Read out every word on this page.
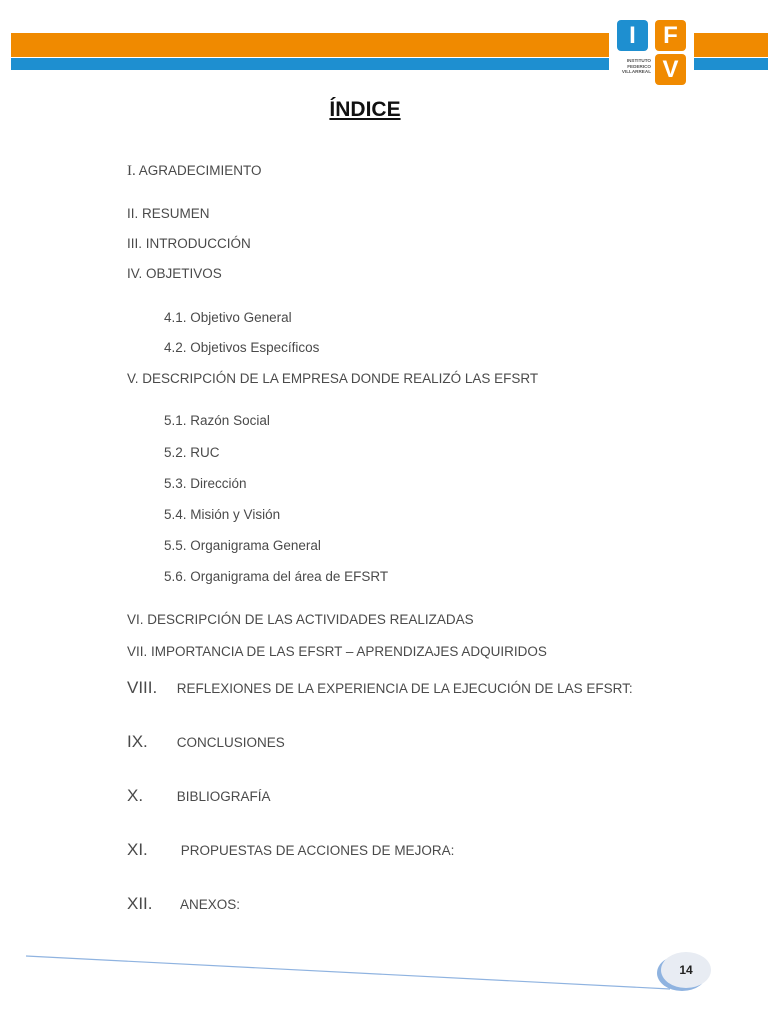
I	F
V
INSTITUTO
FEDERICO
VILLARREAL
ÍNDICE
I. AGRADECIMIENTO
II. RESUMEN
III. INTRODUCCIÓN
IV. OBJETIVOS
4.1. Objetivo General
4.2. Objetivos Específicos
V. DESCRIPCIÓN DE LA EMPRESA DONDE REALIZÓ LAS EFSRT
5.1. Razón Social
5.2. RUC
5.3. Dirección
5.4. Misión y Visión
5.5. Organigrama General
5.6. Organigrama del área de EFSRT
VI. DESCRIPCIÓN DE LAS ACTIVIDADES REALIZADAS
VII. IMPORTANCIA DE LAS EFSRT – APRENDIZAJES ADQUIRIDOS
VIII. REFLEXIONES DE LA EXPERIENCIA DE LA EJECUCIÓN DE LAS EFSRT:
IX. CONCLUSIONES
X. BIBLIOGRAFÍA
XI. PROPUESTAS DE ACCIONES DE MEJORA:
XII. ANEXOS:
14
